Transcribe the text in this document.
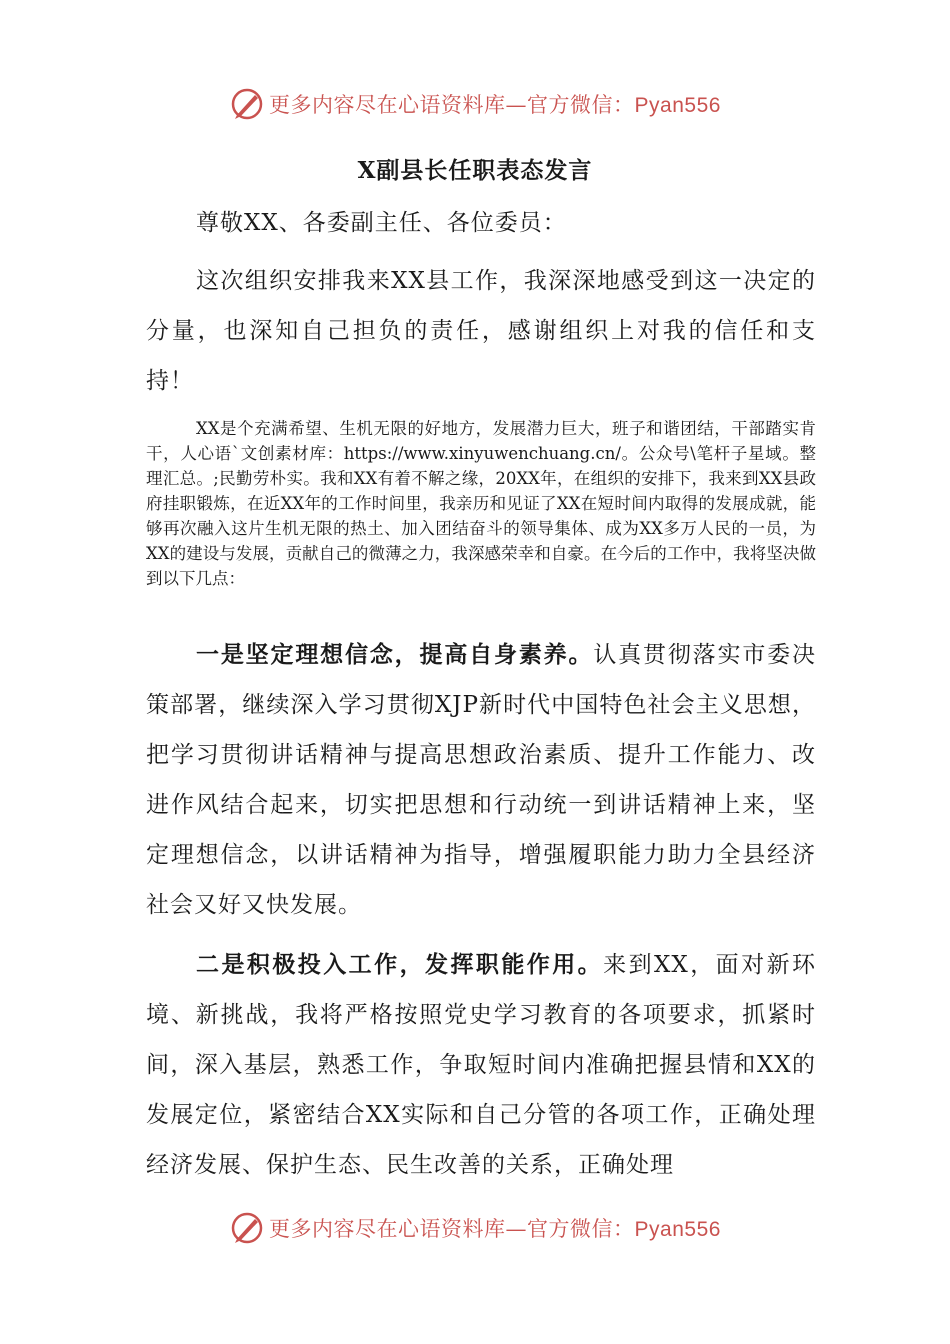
更多内容尽在心语资料库—官方微信：Pyan556
X副县长任职表态发言
尊敬XX、各委副主任、各位委员：

这次组织安排我来XX县工作，我深深地感受到这一决定的分量，也深知自己担负的责任，感谢组织上对我的信任和支持！

XX是个充满希望、生机无限的好地方，发展潜力巨大，班子和谐团结，干部踏实肯干，人心语`文创素材库：https://www.xinyuwenchuang.cn/。公众号\笔杆子星域。整理汇总。;民勤劳朴实。我和XX有着不解之缘，20XX年，在组织的安排下，我来到XX县政府挂职锻炼，在近XX年的工作时间里，我亲历和见证了XX在短时间内取得的发展成就，能够再次融入这片生机无限的热土、加入团结奋斗的领导集体、成为XX多万人民的一员，为XX的建设与发展，贡献自己的微薄之力，我深感荣幸和自豪。在今后的工作中，我将坚决做到以下几点：

一是坚定理想信念，提高自身素养。认真贯彻落实市委决策部署，继续深入学习贯彻XJP新时代中国特色社会主义思想，把学习贯彻讲话精神与提高思想政治素质、提升工作能力、改进作风结合起来，切实把思想和行动统一到讲话精神上来，坚定理想信念，以讲话精神为指导，增强履职能力助力全县经济社会又好又快发展。

二是积极投入工作，发挥职能作用。来到XX，面对新环境、新挑战，我将严格按照党史学习教育的各项要求，抓紧时间，深入基层，熟悉工作，争取短时间内准确把握县情和XX的发展定位，紧密结合XX实际和自己分管的各项工作，正确处理经济发展、保护生态、民生改善的关系，正确处理

更多内容尽在心语资料库—官方微信：Pyan556
